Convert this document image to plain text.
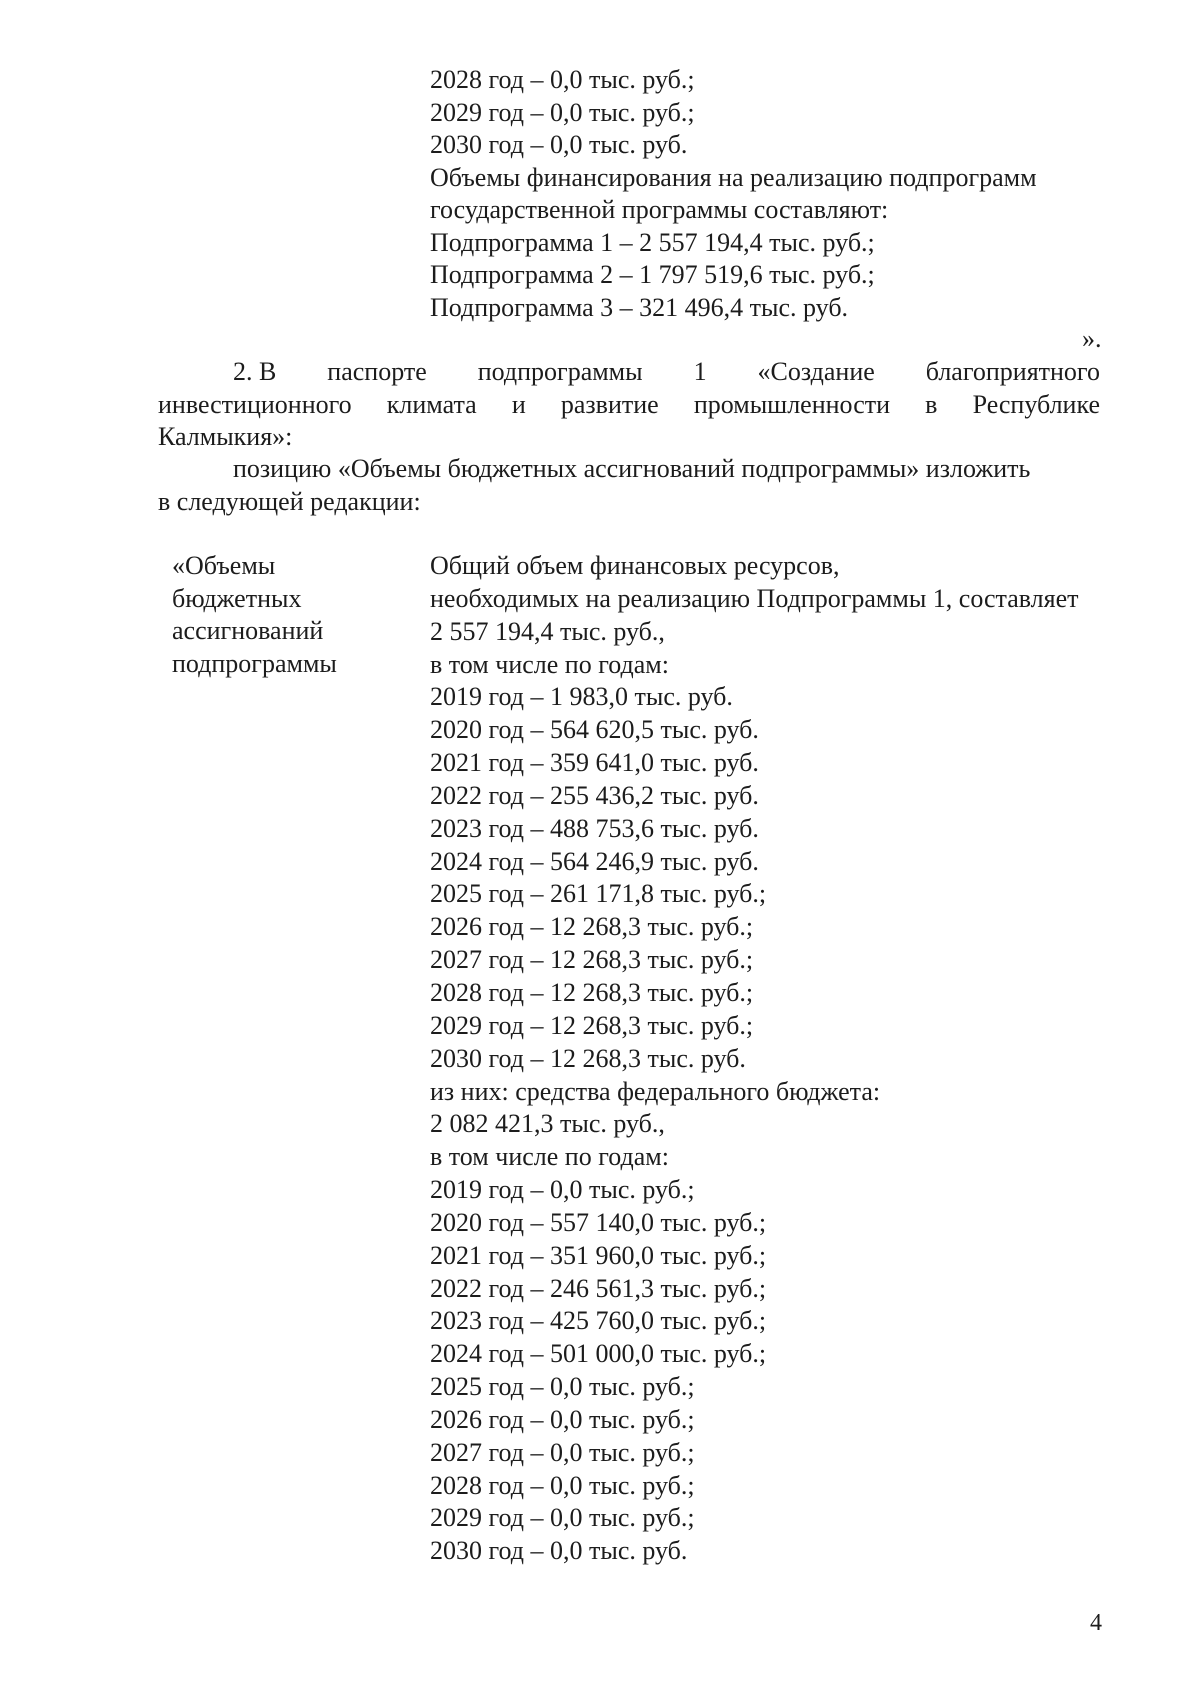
2028 год – 0,0 тыс. руб.;
2029 год – 0,0 тыс. руб.;
2030 год – 0,0 тыс. руб.
Объемы финансирования на реализацию подпрограмм
государственной программы составляют:
Подпрограмма 1 – 2 557 194,4 тыс. руб.;
Подпрограмма 2 – 1 797 519,6 тыс. руб.;
Подпрограмма 3 – 321 496,4 тыс. руб.
».
2. В паспорте подпрограммы 1 «Создание благоприятного
инвестиционного климата и развитие промышленности в Республике
Калмыкия»:
позицию «Объемы бюджетных ассигнований подпрограммы» изложить
в следующей редакции:
«Объемы
бюджетных
ассигнований
подпрограммы
Общий объем финансовых ресурсов,
необходимых на реализацию Подпрограммы 1, составляет
2 557 194,4 тыс. руб.,
в том числе по годам:
2019 год – 1 983,0 тыс. руб.
2020 год – 564 620,5 тыс. руб.
2021 год – 359 641,0 тыс. руб.
2022 год – 255 436,2 тыс. руб.
2023 год – 488 753,6 тыс. руб.
2024 год – 564 246,9 тыс. руб.
2025 год – 261 171,8 тыс. руб.;
2026 год – 12 268,3 тыс. руб.;
2027 год – 12 268,3 тыс. руб.;
2028 год – 12 268,3 тыс. руб.;
2029 год – 12 268,3 тыс. руб.;
2030 год – 12 268,3 тыс. руб.
из них: средства федерального бюджета:
2 082 421,3 тыс. руб.,
в том числе по годам:
2019 год – 0,0 тыс. руб.;
2020 год – 557 140,0 тыс. руб.;
2021 год – 351 960,0 тыс. руб.;
2022 год – 246 561,3 тыс. руб.;
2023 год – 425 760,0 тыс. руб.;
2024 год – 501 000,0 тыс. руб.;
2025 год – 0,0 тыс. руб.;
2026 год – 0,0 тыс. руб.;
2027 год – 0,0 тыс. руб.;
2028 год – 0,0 тыс. руб.;
2029 год – 0,0 тыс. руб.;
2030 год – 0,0 тыс. руб.
4
